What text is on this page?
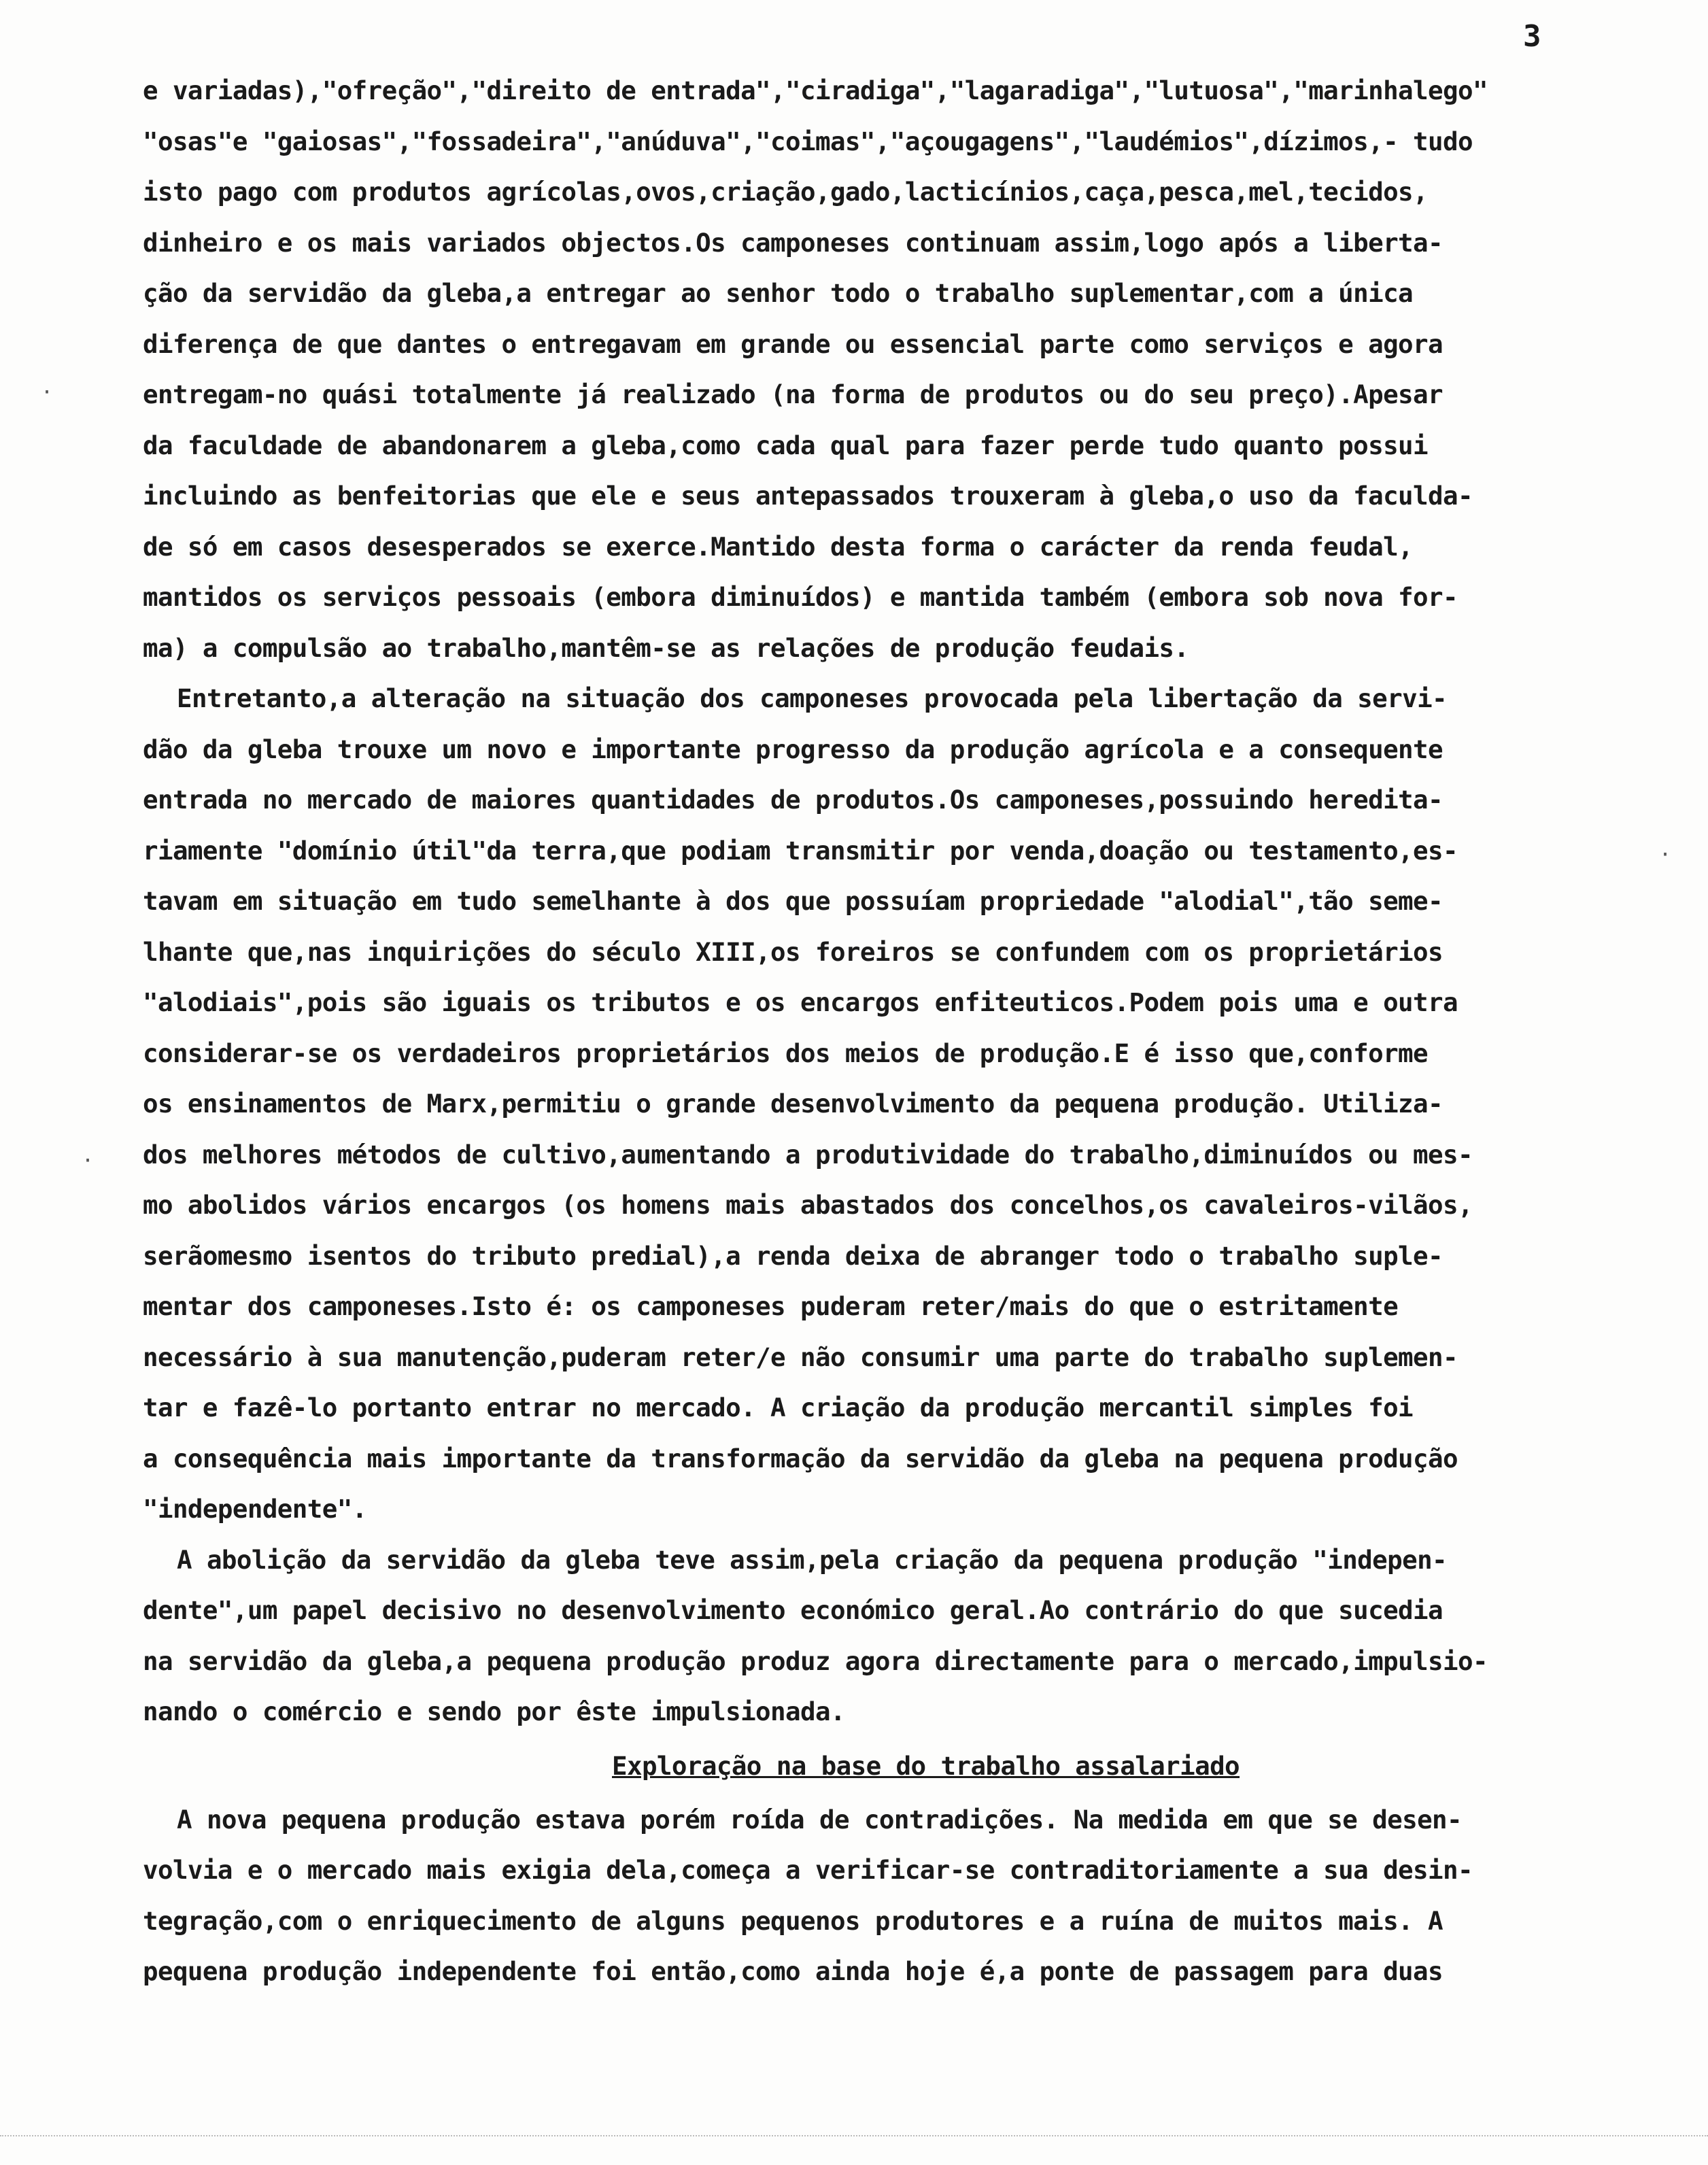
3
e variadas),"ofreção","direito de entrada","ciradiga","lagaradiga","lutuosa","marinhalego"
"osas"e "gaiosas","fossadeira","anúduva","coimas","açougagens","laudémios",dízimos,- tudo
isto pago com produtos agrícolas,ovos,criação,gado,lacticínios,caça,pesca,mel,tecidos,
dinheiro e os mais variados objectos.Os camponeses continuam assim,logo após a liberta-
ção da servidão da gleba,a entregar ao senhor todo o trabalho suplementar,com a única
diferença de que dantes o entregavam em grande ou essencial parte como serviços e agora
entregam-no quási totalmente já realizado (na forma de produtos ou do seu preço).Apesar
da faculdade de abandonarem a gleba,como cada qual para fazer perde tudo quanto possui
incluindo as benfeitorias que ele e seus antepassados trouxeram à gleba,o uso da faculda-
de só em casos desesperados se exerce.Mantido desta forma o carácter da renda feudal,
mantidos os serviços pessoais (embora diminuídos) e mantida também (embora sob nova for-
ma) a compulsão ao trabalho,mantêm-se as relações de produção feudais.
Entretanto,a alteração na situação dos camponeses provocada pela libertação da servi-
dão da gleba trouxe um novo e importante progresso da produção agrícola e a consequente
entrada no mercado de maiores quantidades de produtos.Os camponeses,possuindo heredita-
riamente "domínio útil"da terra,que podiam transmitir por venda,doação ou testamento,es-
tavam em situação em tudo semelhante à dos que possuíam propriedade "alodial",tão seme-
lhante que,nas inquirições do século XIII,os foreiros se confundem com os proprietários
"alodiais",pois são iguais os tributos e os encargos enfiteuticos.Podem pois uma e outra
considerar-se os verdadeiros proprietários dos meios de produção.E é isso que,conforme
os ensinamentos de Marx,permitiu o grande desenvolvimento da pequena produção. Utiliza-
dos melhores métodos de cultivo,aumentando a produtividade do trabalho,diminuídos ou mes-
mo abolidos vários encargos (os homens mais abastados dos concelhos,os cavaleiros-vilãos,
serãomesmo isentos do tributo predial),a renda deixa de abranger todo o trabalho suple-
mentar dos camponeses.Isto é: os camponeses puderam reter/mais do que o estritamente
necessário à sua manutenção,puderam reter/e não consumir uma parte do trabalho suplemen-
tar e fazê-lo portanto entrar no mercado. A criação da produção mercantil simples foi
a consequência mais importante da transformação da servidão da gleba na pequena produção
"independente".
A abolição da servidão da gleba teve assim,pela criação da pequena produção "indepen-
dente",um papel decisivo no desenvolvimento económico geral.Ao contrário do que sucedia
na servidão da gleba,a pequena produção produz agora directamente para o mercado,impulsio-
nando o comércio e sendo por êste impulsionada.
Exploração na base do trabalho assalariado
A nova pequena produção estava porém roída de contradições. Na medida em que se desen-
volvia e o mercado mais exigia dela,começa a verificar-se contraditoriamente a sua desin-
tegração,com o enriquecimento de alguns pequenos produtores e a ruína de muitos mais. A
pequena produção independente foi então,como ainda hoje é,a ponte de passagem para duas
·
·
·
